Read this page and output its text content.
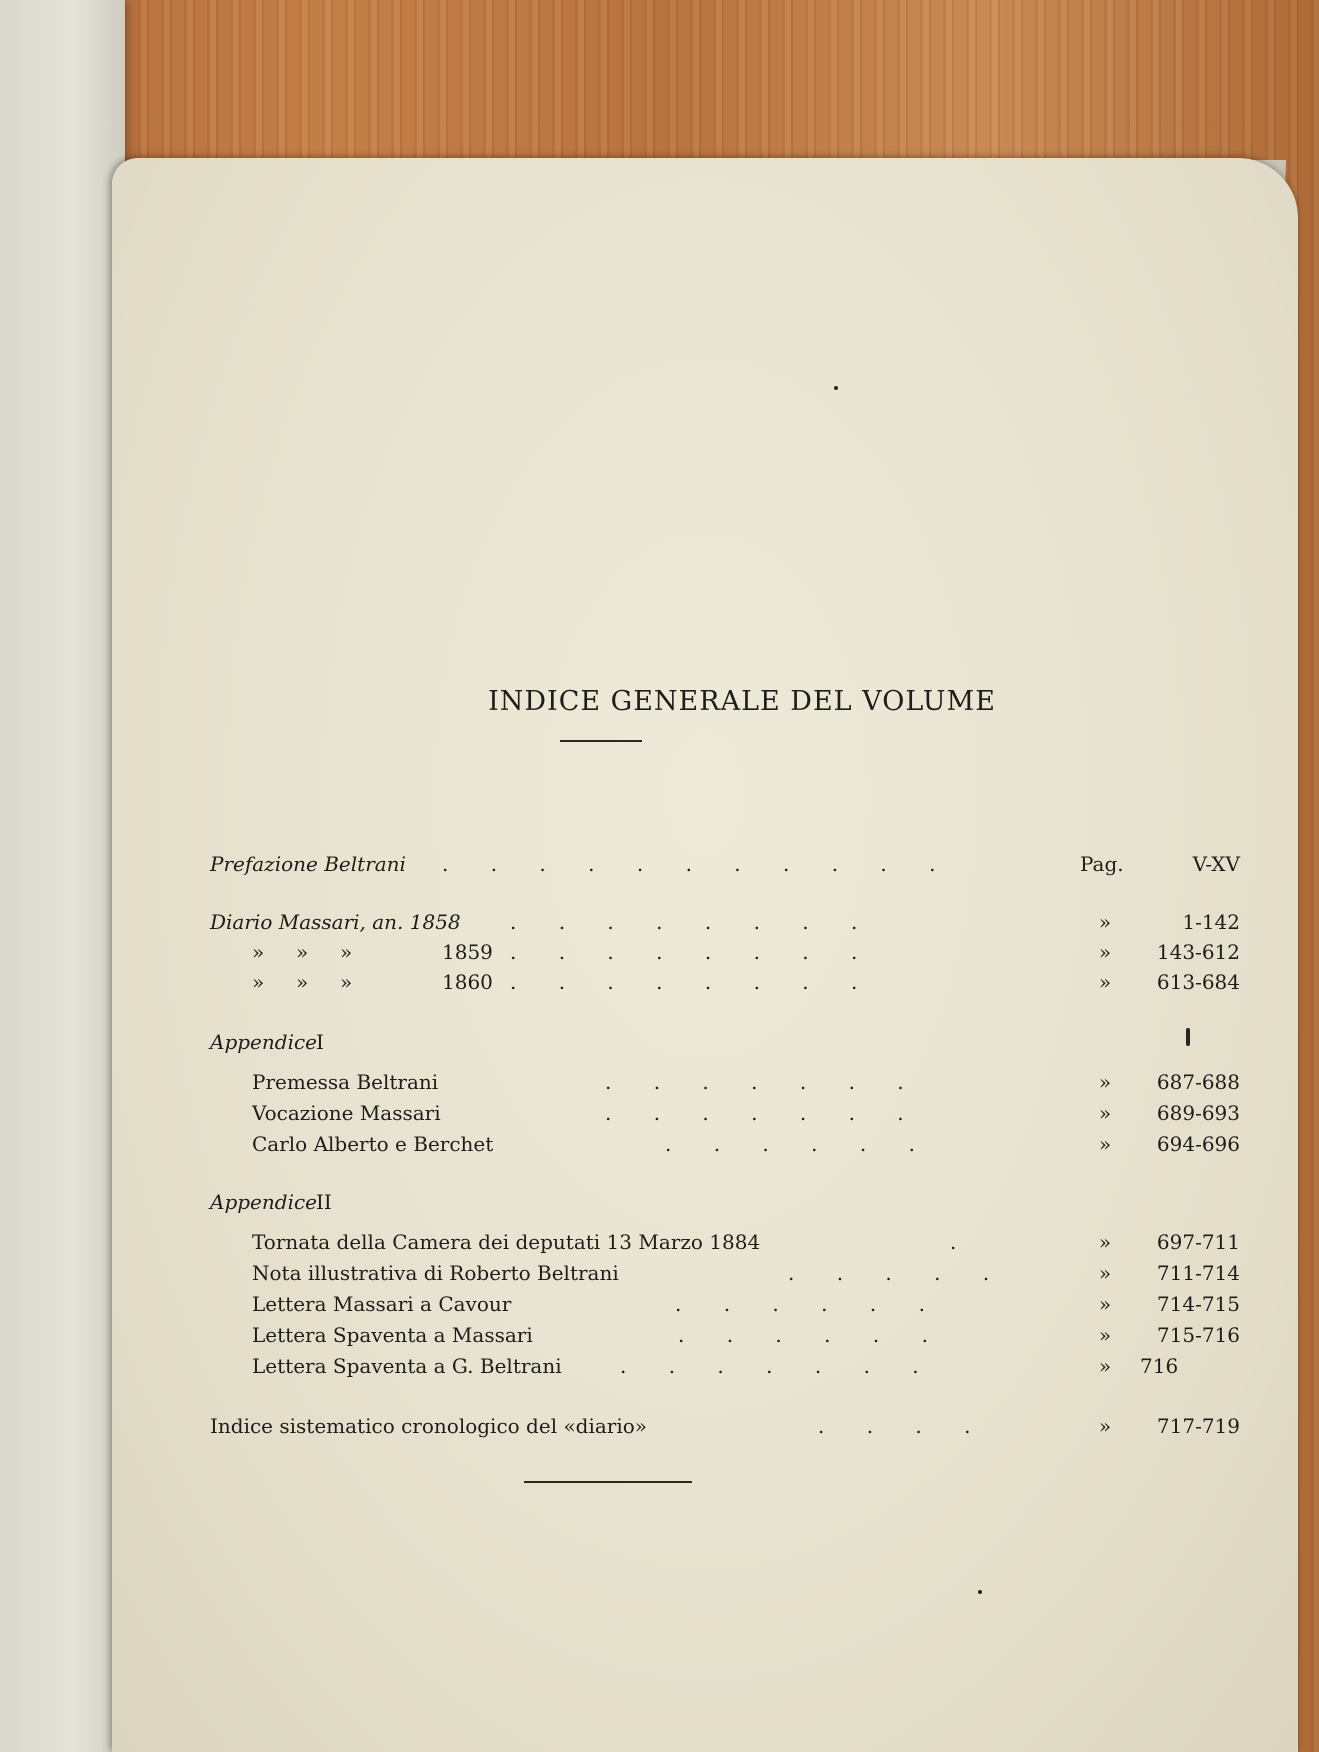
INDICE GENERALE DEL VOLUME
Prefazione Beltrani . . . . . . . . . . .	Pag.	V-XV
Diario Massari, an. 1858 . . . . . . . .	»	1-142
»     »     »	1859 . . . . . . . .	»	143-612
»     »     »	1860 . . . . . . . .	»	613-684
Appendice
I
Premessa Beltrani	. . . . . . .	»	687-688
Vocazione Massari	. . . . . . .	»	689-693
Carlo Alberto e Berchet	. . . . . .	»	694-696
Appendice
II
Tornata della Camera dei deputati 13 Marzo 1884	.	»	697-711
Nota illustrativa di Roberto Beltrani	. . . . .	»	711-714
Lettera Massari a Cavour	. . . . . .	»	714-715
Lettera Spaventa a Massari	. . . . . .	»	715-716
Lettera Spaventa a G. Beltrani	. . . . . . .	» 716
Indice sistematico cronologico del «diario»	. . . .	»	717-719
